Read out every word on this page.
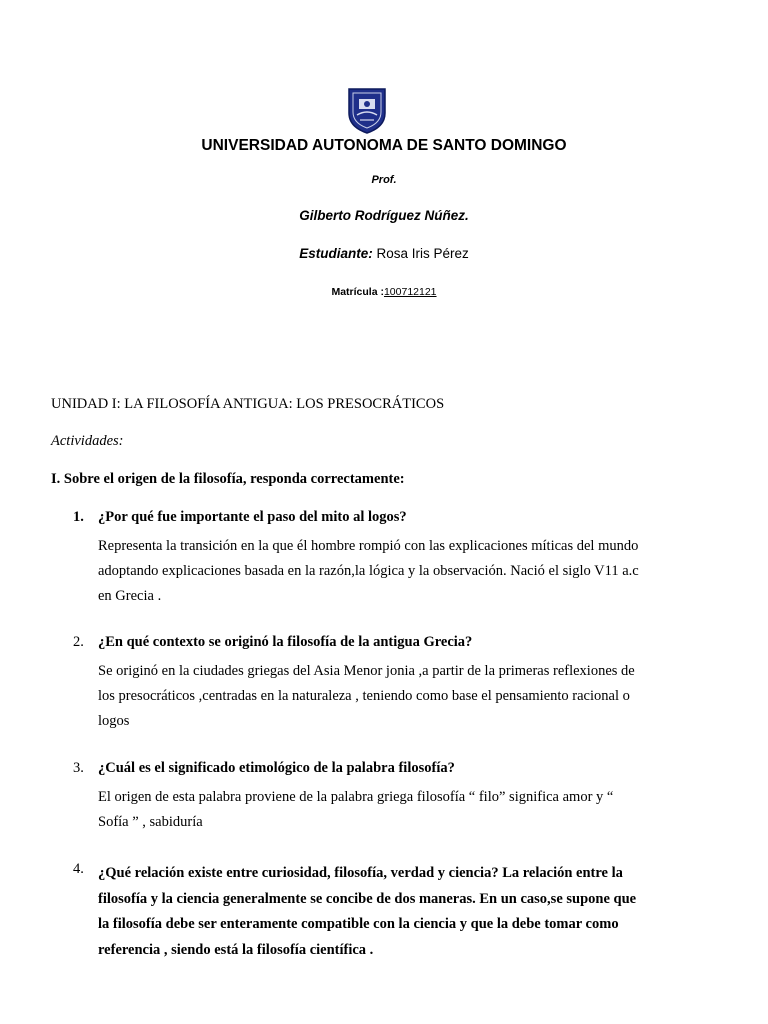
UNIVERSIDAD AUTONOMA DE SANTO DOMINGO
Prof.
Gilberto Rodríguez Núñez.
Estudiante: Rosa Iris Pérez
Matrícula :100712121
UNIDAD I: LA FILOSOFÍA ANTIGUA: LOS PRESOCRÁTICOS
Actividades:
I. Sobre el origen de la filosofía, responda correctamente:
1. ¿Por qué fue importante el paso del mito al logos?

Representa la transición en la que él hombre rompió con las explicaciones míticas del mundo

adoptando explicaciones basada en la razón,la lógica y la observación. Nació el siglo V11 a.c

en Grecia .

2. ¿En qué contexto se originó la filosofía de la antigua Grecia?

Se originó en la ciudades griegas del Asia Menor jonia ,a partir de la primeras reflexiones de

los presocráticos ,centradas en la naturaleza , teniendo como base el pensamiento racional o

logos

3. ¿Cuál es el significado etimológico de la palabra filosofía?

El origen de esta palabra proviene de la palabra griega filosofía “ filo” significa amor y “

Sofía ” , sabiduría

4. ¿Qué relación existe entre curiosidad, filosofía, verdad y ciencia? La relación entre la

filosofía y la ciencia generalmente se concibe de dos maneras. En un caso,se supone que

la filosofía debe ser enteramente compatible con la ciencia y que la debe tomar como

referencia , siendo está la filosofía científica .
